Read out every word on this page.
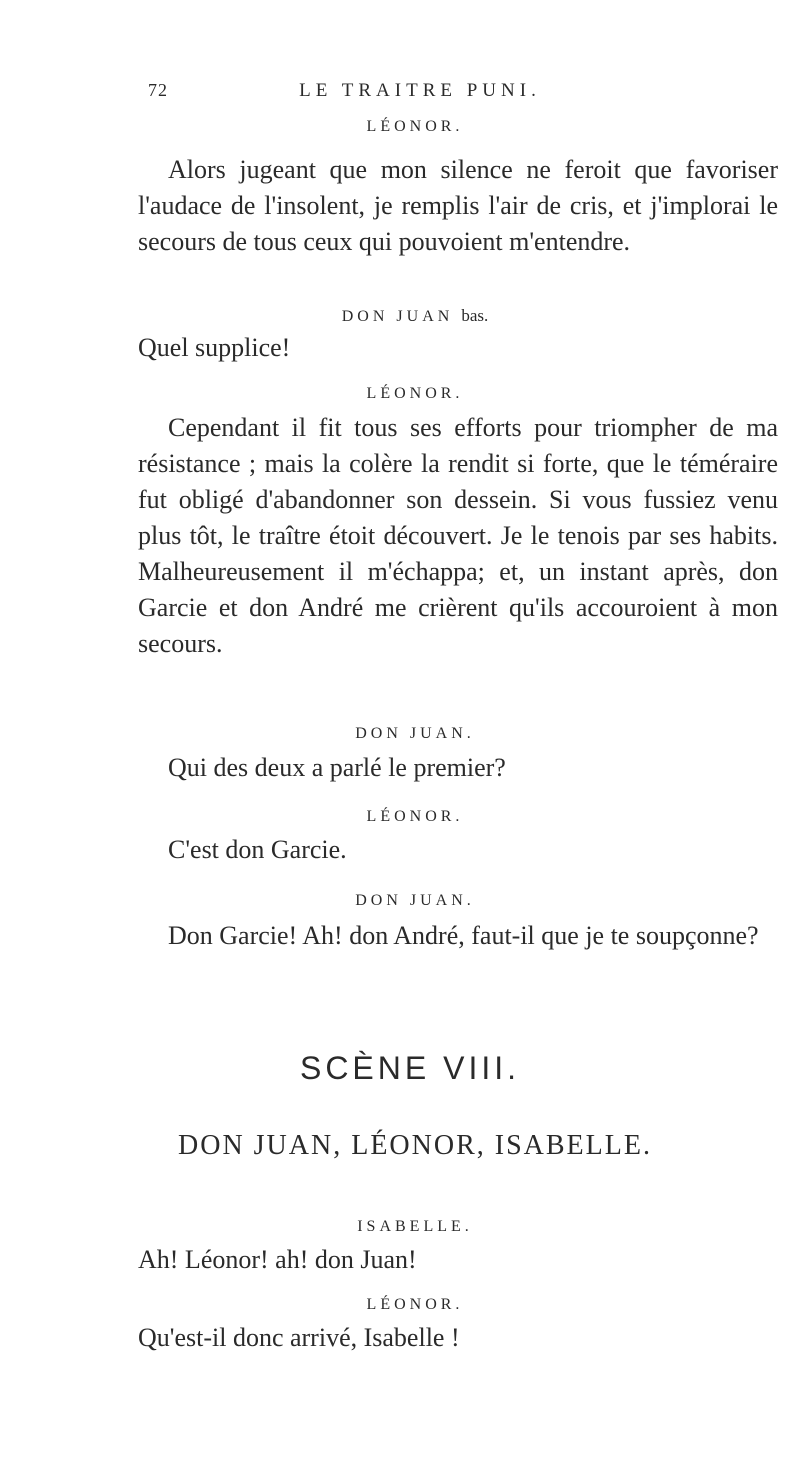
72	LE TRAITRE PUNI.
LÉONOR.

Alors jugeant que mon silence ne feroit que favoriser l'audace de l'insolent, je remplis l'air de cris, et j'implorai le secours de tous ceux qui pouvoient m'entendre.

DON JUAN bas.

Quel supplice!

LÉONOR.

Cependant il fit tous ses efforts pour triompher de ma résistance ; mais la colère la rendit si forte, que le téméraire fut obligé d'abandonner son dessein. Si vous fussiez venu plus tôt, le traître étoit découvert. Je le tenois par ses habits. Malheureusement il m'échappa; et, un instant après, don Garcie et don André me crièrent qu'ils accouroient à mon secours.

DON JUAN.

Qui des deux a parlé le premier?

LÉONOR.

C'est don Garcie.

DON JUAN.

Don Garcie! Ah! don André, faut-il que je te soupçonne?

SCÈNE VIII.
DON JUAN, LÉONOR, ISABELLE.
ISABELLE.

Ah! Léonor! ah! don Juan!

LÉONOR.

Qu'est-il donc arrivé, Isabelle !
